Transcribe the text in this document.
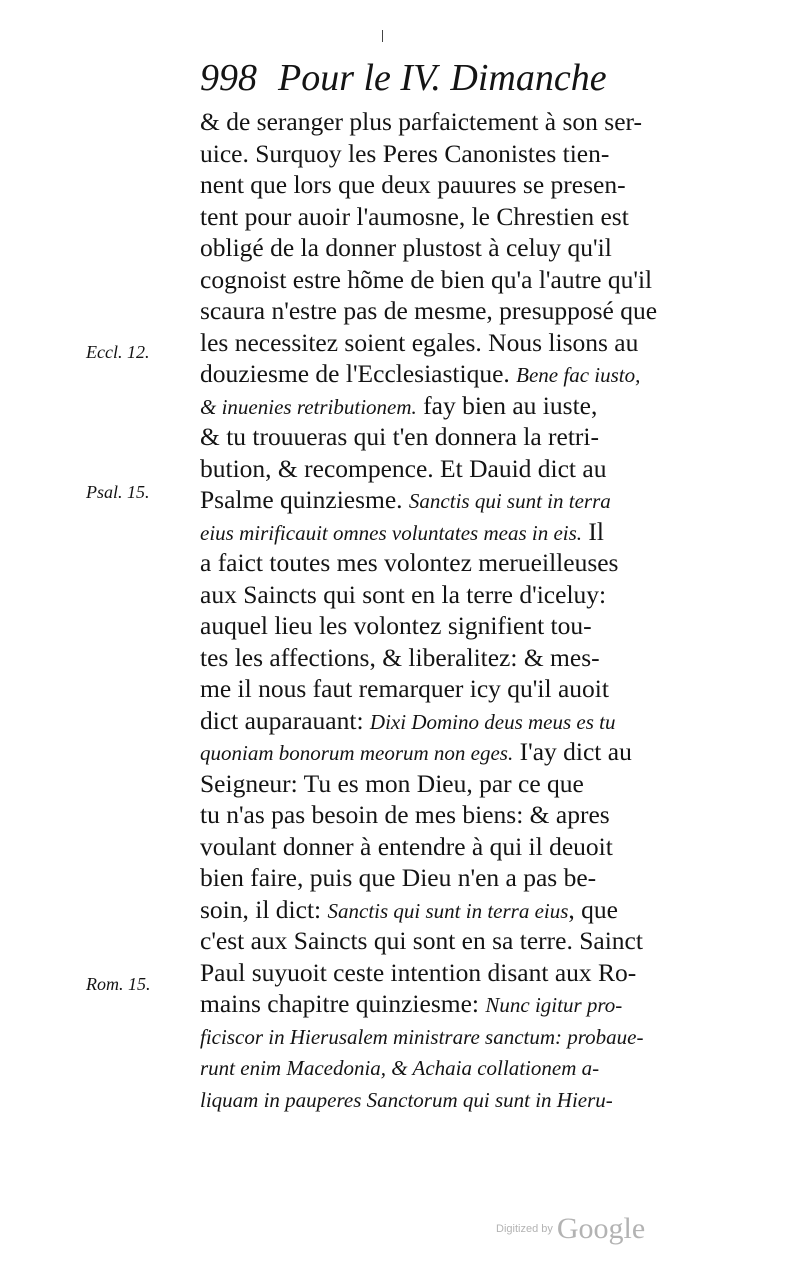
998 Pour le IV. Dimanche
Eccl. 12.
Psal. 15.
Rom. 15.
& de seranger plus parfaictement à son ser-
uice. Surquoy les Peres Canonistes tien-
nent que lors que deux pauures se presen-
tent pour auoir l'aumosne, le Chrestien est
obligé de la donner plustost à celuy qu'il
cognoist estre hõme de bien qu'a l'autre qu'il
scaura n'estre pas de mesme, presupposé que
les necessitez soient egales. Nous lisons au
douziesme de l'Ecclesiastique. Bene fac iusto,
& inuenies retributionem. fay bien au iuste,
& tu trouueras qui t'en donnera la retri-
bution, & recompence. Et Dauid dict au
Psalme quinziesme. Sanctis qui sunt in terra
eius mirificauit omnes voluntates meas in eis. Il
a faict toutes mes volontez merueilleuses
aux Saincts qui sont en la terre d'iceluy:
auquel lieu les volontez signifient tou-
tes les affections, & liberalitez: & mes-
me il nous faut remarquer icy qu'il auoit
dict auparauant: Dixi Domino deus meus es tu
quoniam bonorum meorum non eges. I'ay dict au
Seigneur: Tu es mon Dieu, par ce que
tu n'as pas besoin de mes biens: & apres
voulant donner à entendre à qui il deuoit
bien faire, puis que Dieu n'en a pas be-
soin, il dict: Sanctis qui sunt in terra eius, que
c'est aux Saincts qui sont en sa terre. Sainct
Paul suyuoit ceste intention disant aux Ro-
mains chapitre quinziesme: Nunc igitur pro-
ficiscor in Hierusalem ministrare sanctum: probaue-
runt enim Macedonia, & Achaia collationem a-
liquam in pauperes Sanctorum qui sunt in Hieru-
Digitized by Google
